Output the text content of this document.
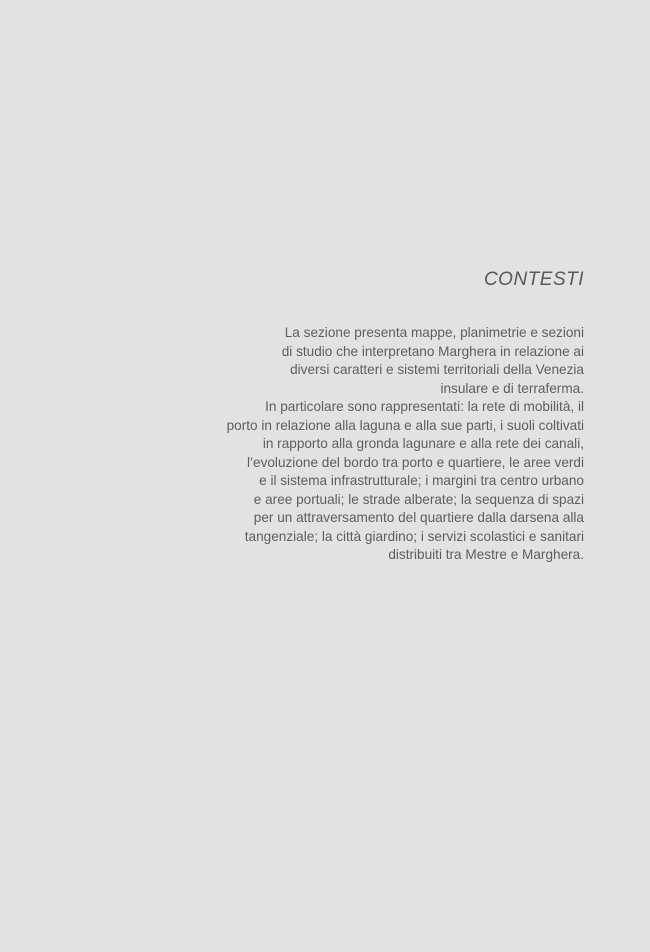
CONTESTI
La sezione presenta mappe, planimetrie e sezioni
di studio che interpretano Marghera in relazione ai
diversi caratteri e sistemi territoriali della Venezia
insulare e di terraferma.
In particolare sono rappresentati: la rete di mobilità, il
porto in relazione alla laguna e alla sue parti, i suoli coltivati
in rapporto alla gronda lagunare e alla rete dei canali,
l’evoluzione del bordo tra porto e quartiere, le aree verdi
e il sistema infrastrutturale; i margini tra centro urbano
e aree portuali; le strade alberate; la sequenza di spazi
per un attraversamento del quartiere dalla darsena alla
tangenziale; la città giardino; i servizi scolastici e sanitari
distribuiti tra Mestre e Marghera.
